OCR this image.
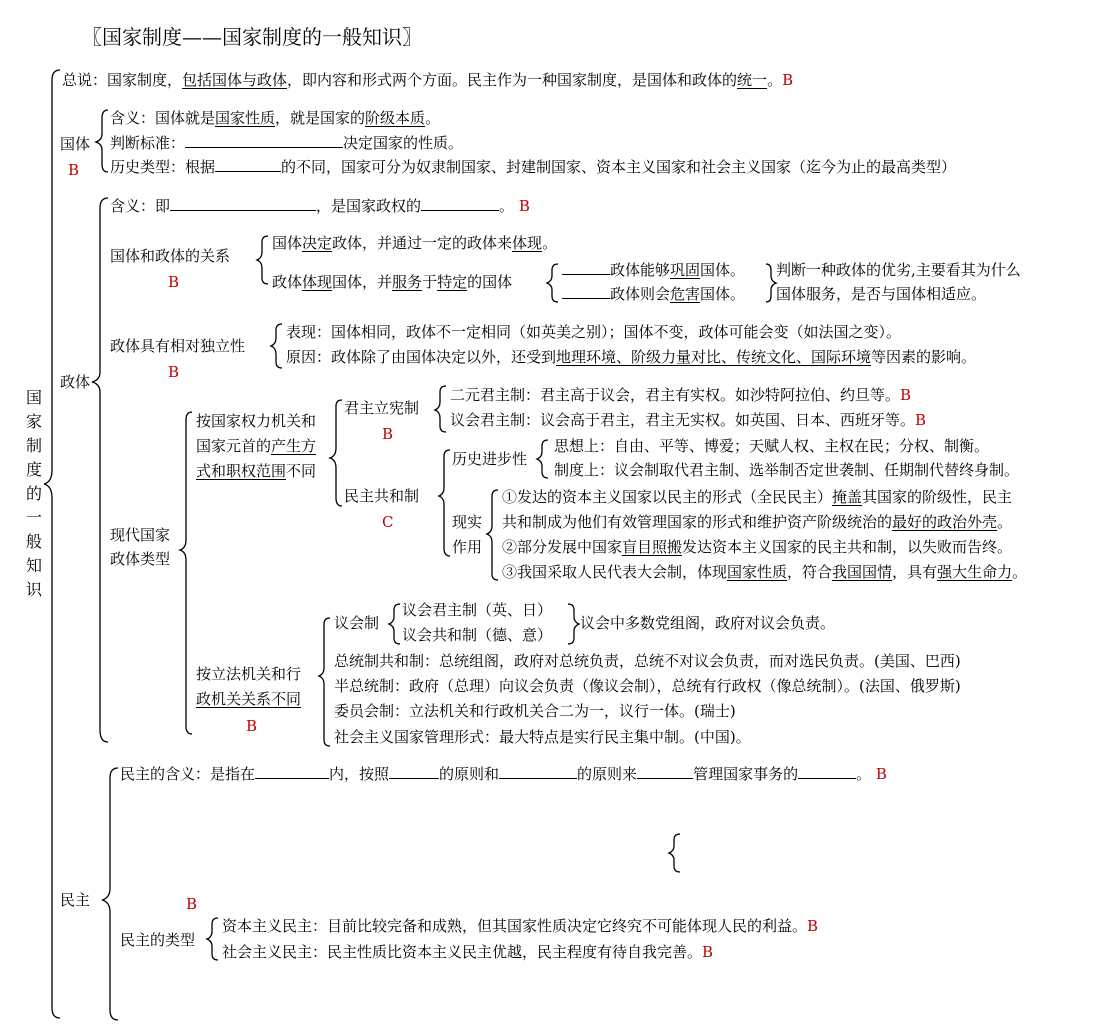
〖国家制度——国家制度的一般知识〗
国家制度的一般知识
总说：国家制度，包括国体与政体，即内容和形式两个方面。民主作为一种国家制度，是国体和政体的统一。B
国体
B
含义：国体就是国家性质，就是国家的阶级本质。
判断标准：	决定国家的性质。
历史类型：根据	的不同，国家可分为奴隶制国家、封建制国家、资本主义国家和社会主义国家（迄今为止的最高类型）
政体
含义：即	，是国家政权的	。 B
国体和政体的关系
B
国体决定政体，并通过一定的政体来体现。
政体体现国体，并服务于特定的国体
政体能够巩固国体。
政体则会危害国体。
判断一种政体的优劣,主要看其为什么
国体服务，是否与国体相适应。
政体具有相对独立性
B
表现：国体相同，政体不一定相同（如英美之别）；国体不变，政体可能会变（如法国之变）。
原因：政体除了由国体决定以外，还受到地理环境、阶级力量对比、传统文化、国际环境等因素的影响。
现代国家
政体类型
按国家权力机关和
国家元首的产生方
式和职权范围不同
君主立宪制
B
二元君主制：君主高于议会，君主有实权。如沙特阿拉伯、约旦等。B
议会君主制：议会高于君主，君主无实权。如英国、日本、西班牙等。B
民主共和制
C
历史进步性
思想上：自由、平等、博爱；天赋人权、主权在民；分权、制衡。
制度上：议会制取代君主制、选举制否定世袭制、任期制代替终身制。
现实
作用
①发达的资本主义国家以民主的形式（全民民主）掩盖其国家的阶级性，民主
共和制成为他们有效管理国家的形式和维护资产阶级统治的最好的政治外壳。
②部分发展中国家盲目照搬发达资本主义国家的民主共和制，以失败而告终。
③我国采取人民代表大会制，体现国家性质，符合我国国情，具有强大生命力。
按立法机关和行
政机关关系不同
B
议会制
议会君主制（英、日）
议会共和制（德、意）
议会中多数党组阁，政府对议会负责。
总统制共和制：总统组阁，政府对总统负责，总统不对议会负责，而对选民负责。(美国、巴西)
半总统制：政府（总理）向议会负责（像议会制），总统有行政权（像总统制）。(法国、俄罗斯)
委员会制：立法机关和行政机关合二为一，议行一体。(瑞士)
社会主义国家管理形式：最大特点是实行民主集中制。(中国)。
民主	B
民主的含义：是指在	内，按照	的原则和	的原则来	管理国家事务的	。 B
民主的类型
资本主义民主：目前比较完备和成熟，但其国家性质决定它终究不可能体现人民的利益。B
社会主义民主：民主性质比资本主义民主优越，民主程度有待自我完善。B
